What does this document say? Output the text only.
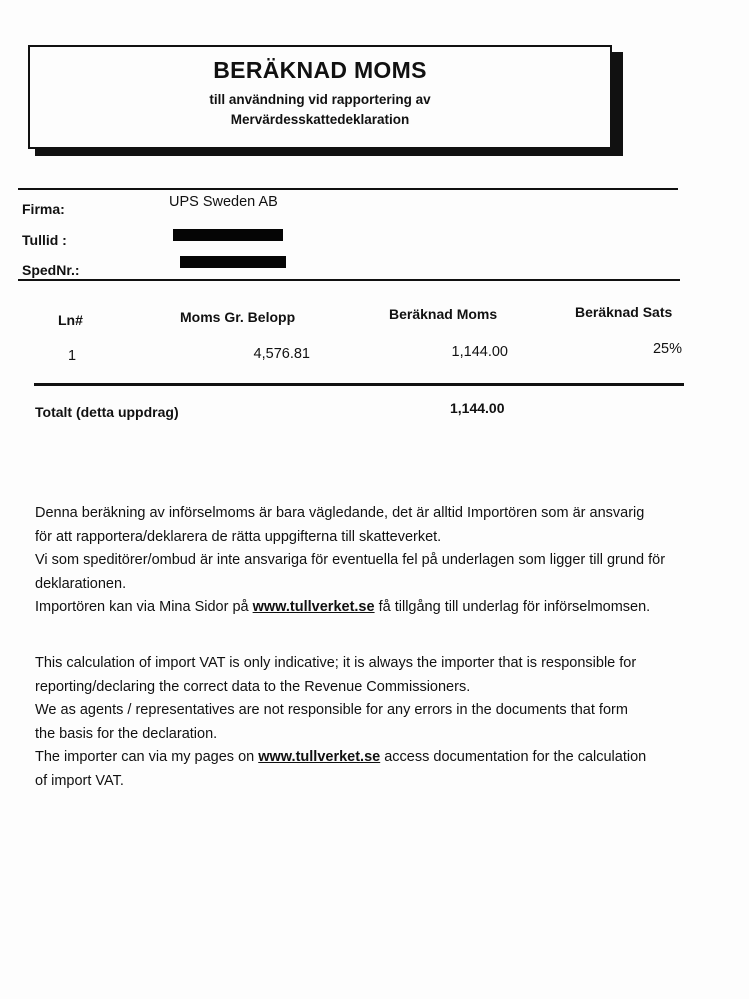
BERÄKNAD MOMS
till användning vid rapportering av
Mervärdesskattedeklaration
Firma:	UPS Sweden AB
Tullid :
SpedNr.:
Ln#	Moms Gr. Belopp	Beräknad Moms	Beräknad Sats
1	4,576.81	1,144.00	25%
Totalt (detta uppdrag)	1,144.00

Denna beräkning av införselmoms är bara vägledande, det är alltid Importören som är ansvarig

för att rapportera/deklarera de rätta uppgifterna till skatteverket.

Vi som speditörer/ombud är inte ansvariga för eventuella fel på underlagen som ligger till grund för

deklarationen.

Importören kan via Mina Sidor på www.tullverket.se få tillgång till underlag för införselmomsen.

This calculation of import VAT is only indicative; it is always the importer that is responsible for

reporting/declaring the correct data to the Revenue Commissioners.

We as agents / representatives are not responsible for any errors in the documents that form

the basis for the declaration.

The importer can via my pages on www.tullverket.se access documentation for the calculation

of import VAT.
